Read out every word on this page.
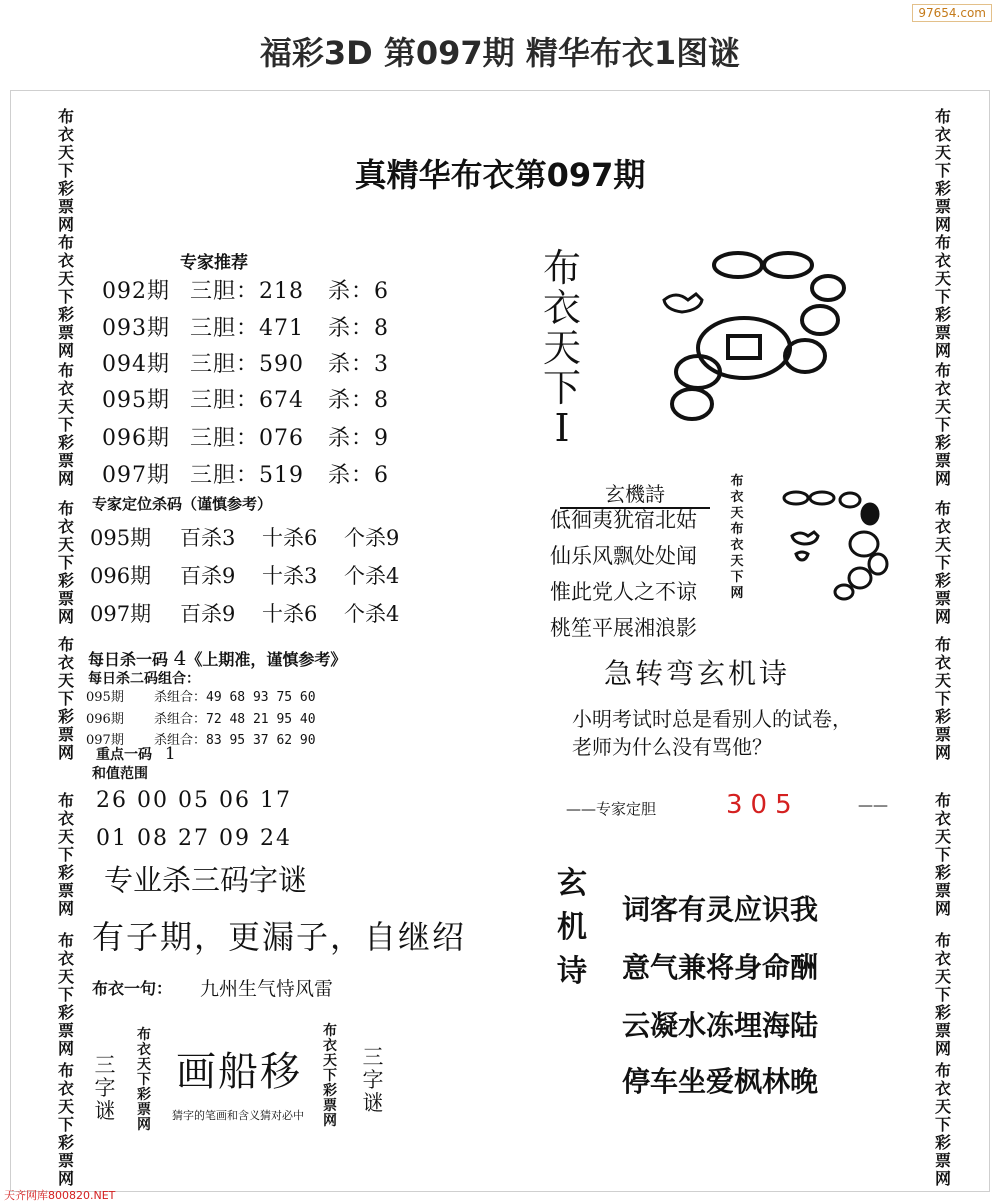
97654.com
福彩3D 第097期 精华布衣1图谜
布
衣
天
下
彩
票
网
布
衣
天
下
彩
票
网
布
衣
天
下
彩
票
网
布
衣
天
下
彩
票
网
布
衣
天
下
彩
票
网
布
衣
天
下
彩
票
网
布
衣
天
下
彩
票
网
布
衣
天
下
彩
票
网
布
衣
天
下
彩
票
网
布
衣
天
下
彩
票
网
布
衣
天
下
彩
票
网
布
衣
天
下
彩
票
网
布
衣
天
下
彩
票
网
布
衣
天
下
彩
票
网
布
衣
天
下
彩
票
网
布
衣
天
下
彩
票
网
真精华布衣第097期
专家推荐
092期 三胆：218 杀：6
093期 三胆：471 杀：8
094期 三胆：590 杀：3
095期 三胆：674 杀：8
096期 三胆：076 杀：9
097期 三胆：519 杀：6
专家定位杀码（谨慎参考）
095期 百杀3 十杀6 个杀9
096期 百杀9 十杀3 个杀4
097期 百杀9 十杀6 个杀4
每日杀一码 4《上期准，谨慎参考》
每日杀二码组合：
095期 杀组合：49 68 93 75 60
096期 杀组合：72 48 21 95 40
097期 杀组合：83 95 37 62 90
重点一码 1
和值范围
26 00 05 06 17
01 08 27 09 24
布
衣
天
下
I
玄機詩
低徊夷犹宿北姑
仙乐风飘处处闻
惟此党人之不谅
桃笙平展湘浪影
布
衣
天
布
衣
天
下
网
急转弯玄机诗
小明考试时总是看别人的试卷，
老师为什么没有骂他？
——专家定胆	305	——
玄
机
诗
词客有灵应识我
意气兼将身命酬
云凝水冻埋海陆
停车坐爱枫林晚
专业杀三码字谜
有子期，更漏子，自继绍
布衣一句： 九州生气恃风雷
三
字
谜
布
衣
天
下
彩
票
网
画船移
猜字的笔画和含义猜对必中
布
衣
天
下
彩
票
网
三
字
谜
天齐网库800820.NET
